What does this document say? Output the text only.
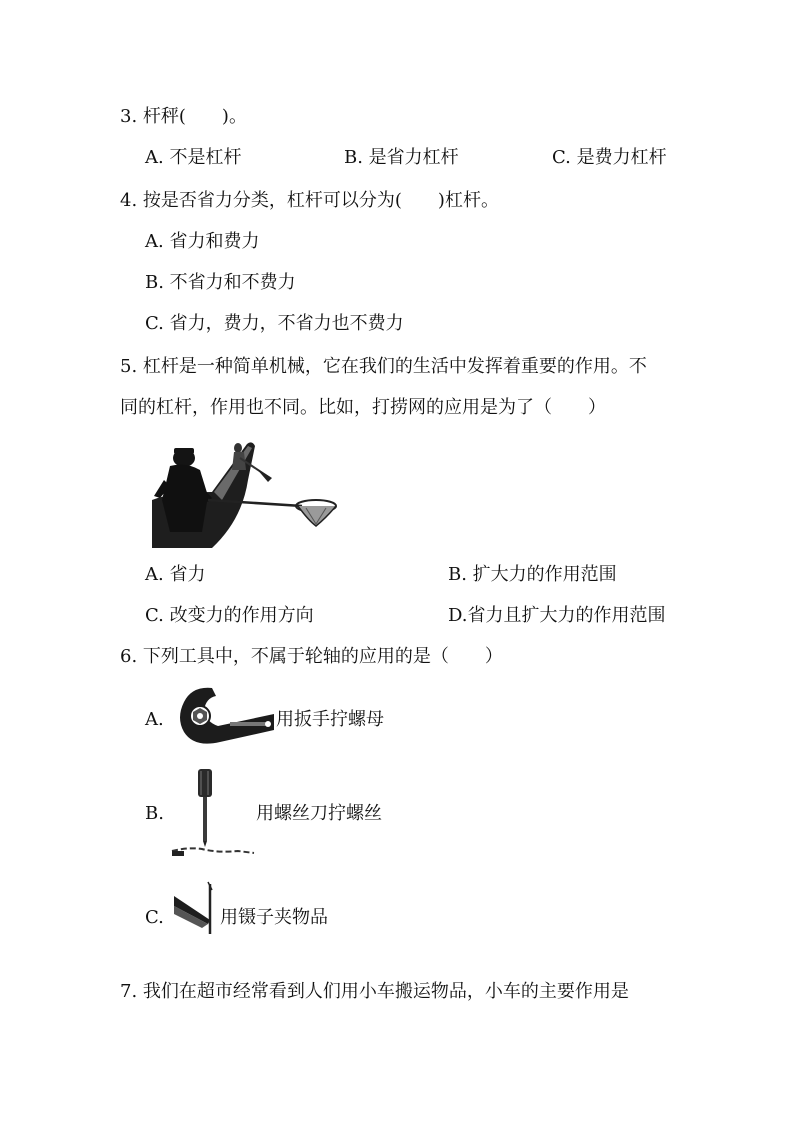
3. 杆秤(　　)。
A. 不是杠杆	B. 是省力杠杆	C. 是费力杠杆
4. 按是否省力分类，杠杆可以分为(　　)杠杆。
A. 省力和费力
B. 不省力和不费力
C. 省力，费力，不省力也不费力
5. 杠杆是一种简单机械，它在我们的生活中发挥着重要的作用。不
同的杠杆，作用也不同。比如，打捞网的应用是为了（　　）
A. 省力	B. 扩大力的作用范围
C. 改变力的作用方向	D.省力且扩大力的作用范围
6. 下列工具中，不属于轮轴的应用的是（　　）
A.	用扳手拧螺母
B.	用螺丝刀拧螺丝
C.	用镊子夹物品
7. 我们在超市经常看到人们用小车搬运物品，小车的主要作用是
